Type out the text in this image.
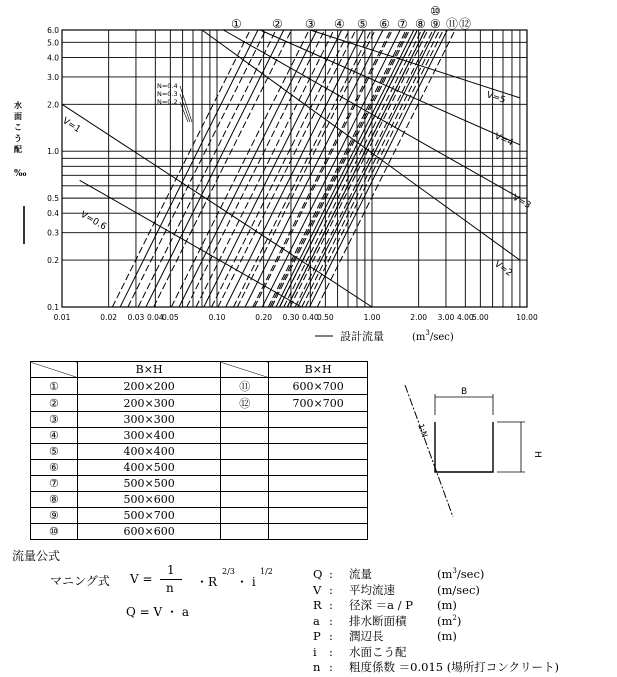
V=0.6
V=1
V=2
V=3
V=4
V=5
0.01	0.02 0.03 0.04
0.05	0.10	0.20 0.30 0.40
0.50	1.00	2.00 3.00 4.00
5.00	10.00
0.1
0.2
0.3
0.4
0.5
1.0
2.0
3.0
4.0
5.0
6.0	①	② ③ ④ ⑤ ⑥ ⑦ ⑧ ⑨
⑩
⑪ ⑫
N=0.4
N=0.3
N=0.2
水面こう配
‰
設計流量	$(m^3/\sec)$
	B×H		B×H
①	200×200	⑪	600×700
②	200×300	⑫	700×700
③	300×300		
④	300×400		
⑤	400×400		
⑥	400×500		
⑦	500×500		
⑧	500×600		
⑨	500×700		
⑩	600×600		
B
H
1:N
流量公式
マニング式 V =
1
n ・R
2/3
・ i
1/2
Q = V ・ a
Q : 流量	$(m^3/\sec)$
V : 平均流速	(m/sec)
R : 径深 ＝a / P (m)
a : 排水断面積	$(m^2)$
P : 潤辺長	(m)
i : 水面こう配
n : 粗度係数 ＝0.015 (場所打コンクリート)
